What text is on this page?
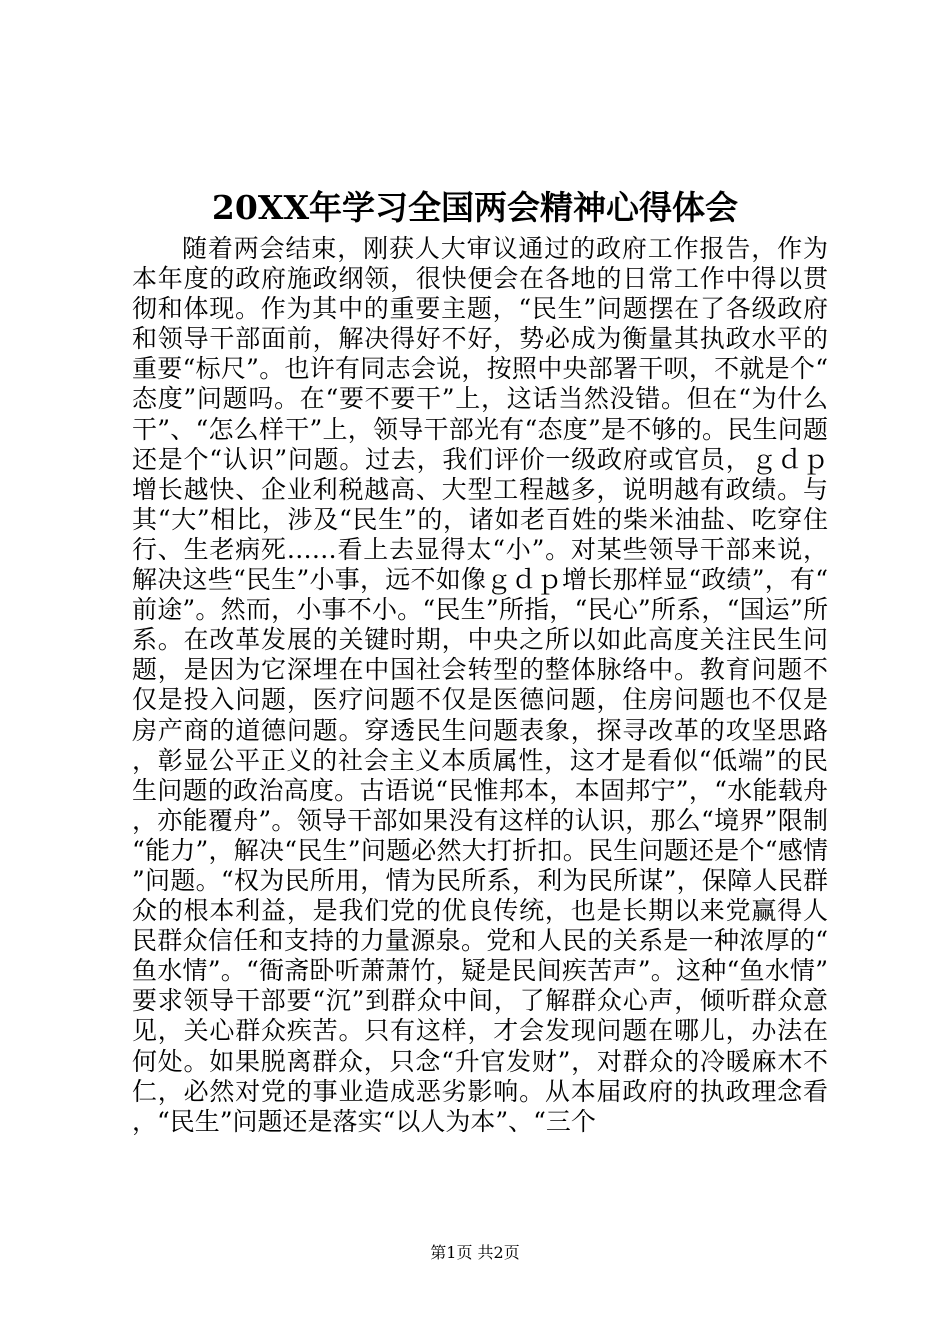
20XX年学习全国两会精神心得体会

随着两会结束，刚获人大审议通过的政府工作报告，作为本年度的政府施政纲领，很快便会在各地的日常工作中得以贯彻和体现。作为其中的重要主题，“民生”问题摆在了各级政府和领导干部面前，解决得好不好，势必成为衡量其执政水平的重要“标尺”。也许有同志会说，按照中央部署干呗，不就是个“态度”问题吗。在“要不要干”上，这话当然没错。但在“为什么干”、“怎么样干”上，领导干部光有“态度”是不够的。民生问题还是个“认识”问题。过去，我们评价一级政府或官员，ｇｄｐ增长越快、企业利税越高、大型工程越多，说明越有政绩。与其“大”相比，涉及“民生”的，诸如老百姓的柴米油盐、吃穿住行、生老病死……看上去显得太“小”。对某些领导干部来说，解决这些“民生”小事，远不如像ｇｄｐ增长那样显“政绩”，有“前途”。然而，小事不小。“民生”所指，“民心”所系，“国运”所系。在改革发展的关键时期，中央之所以如此高度关注民生问题，是因为它深埋在中国社会转型的整体脉络中。教育问题不仅是投入问题，医疗问题不仅是医德问题，住房问题也不仅是房产商的道德问题。穿透民生问题表象，探寻改革的攻坚思路，彰显公平正义的社会主义本质属性，这才是看似“低端”的民生问题的政治高度。古语说“民惟邦本，本固邦宁”，“水能载舟，亦能覆舟”。领导干部如果没有这样的认识，那么“境界”限制“能力”，解决“民生”问题必然大打折扣。民生问题还是个“感情”问题。“权为民所用，情为民所系，利为民所谋”，保障人民群众的根本利益，是我们党的优良传统，也是长期以来党赢得人民群众信任和支持的力量源泉。党和人民的关系是一种浓厚的“鱼水情”。“衙斋卧听萧萧竹，疑是民间疾苦声”。这种“鱼水情”要求领导干部要“沉”到群众中间，了解群众心声，倾听群众意见，关心群众疾苦。只有这样，才会发现问题在哪儿，办法在何处。如果脱离群众，只念“升官发财”，对群众的冷暖麻木不仁，必然对党的事业造成恶劣影响。从本届政府的执政理念看，“民生”问题还是落实“以人为本”、“三个

第1页 共2页
